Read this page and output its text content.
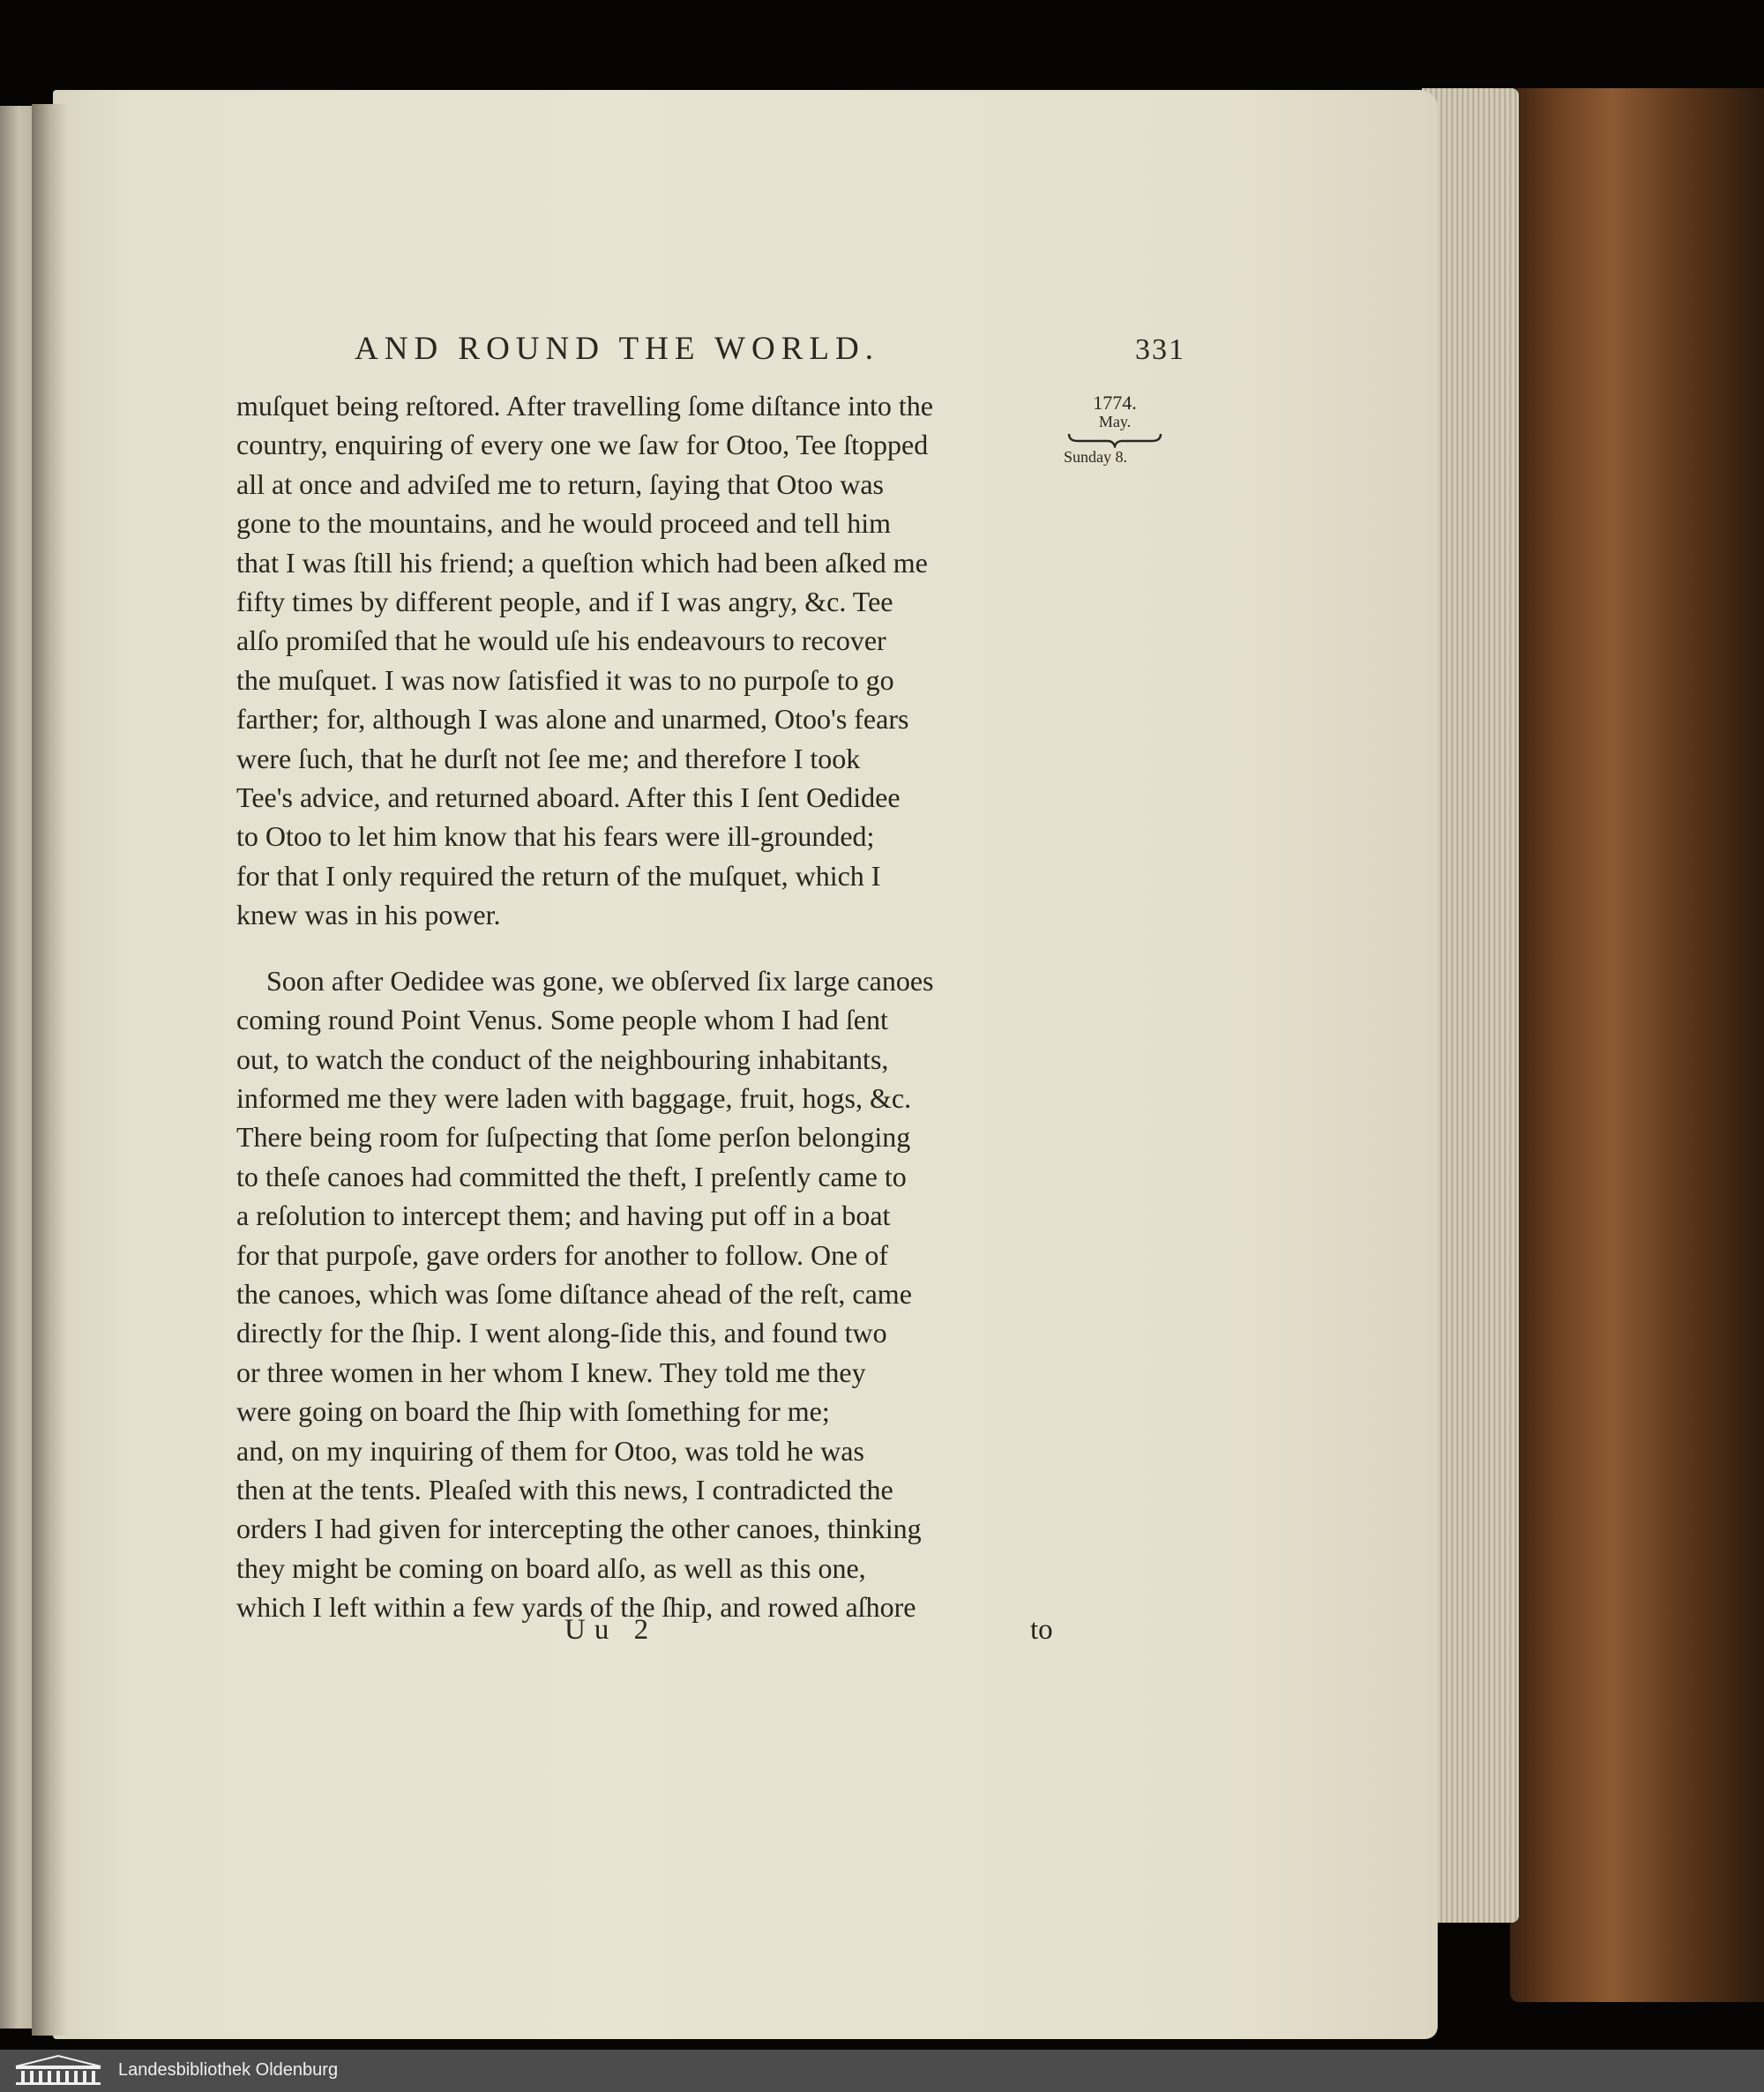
AND ROUND THE WORLD.	331
1774.
May.
Sunday 8.
muſquet being reſtored. After travelling ſome diſtance into the
country, enquiring of every one we ſaw for Otoo, Tee ſtopped
all at once and adviſed me to return, ſaying that Otoo was
gone to the mountains, and he would proceed and tell him
that I was ſtill his friend; a queſtion which had been aſked me
fifty times by different people, and if I was angry, &c. Tee
alſo promiſed that he would uſe his endeavours to recover
the muſquet. I was now ſatisfied it was to no purpoſe to go
farther; for, although I was alone and unarmed, Otoo's fears
were ſuch, that he durſt not ſee me; and therefore I took
Tee's advice, and returned aboard. After this I ſent Oedidee
to Otoo to let him know that his fears were ill-grounded;
for that I only required the return of the muſquet, which I
knew was in his power.
Soon after Oedidee was gone, we obſerved ſix large canoes
coming round Point Venus. Some people whom I had ſent
out, to watch the conduct of the neighbouring inhabitants,
informed me they were laden with baggage, fruit, hogs, &c.
There being room for ſuſpecting that ſome perſon belonging
to theſe canoes had committed the theft, I preſently came to
a reſolution to intercept them; and having put off in a boat
for that purpoſe, gave orders for another to follow. One of
the canoes, which was ſome diſtance ahead of the reſt, came
directly for the ſhip. I went along-ſide this, and found two
or three women in her whom I knew. They told me they
were going on board the ſhip with ſomething for me;
and, on my inquiring of them for Otoo, was told he was
then at the tents. Pleaſed with this news, I contradicted the
orders I had given for intercepting the other canoes, thinking
they might be coming on board alſo, as well as this one,
which I left within a few yards of the ſhip, and rowed aſhore
Uu 2	to
Landesbibliothek Oldenburg
